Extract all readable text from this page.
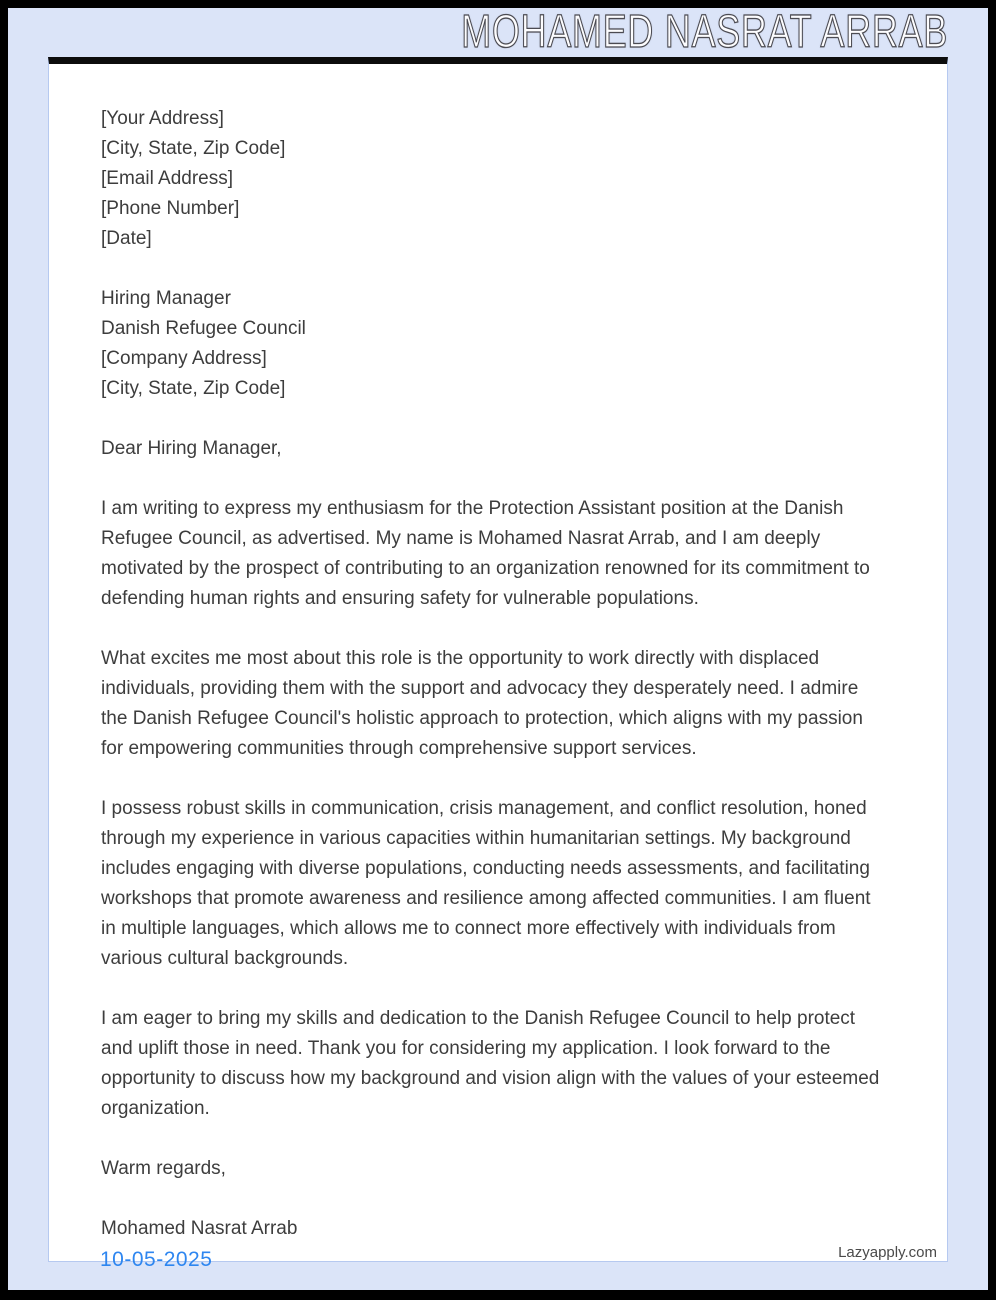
MOHAMED NASRAT ARRAB
[Your Address]
[City, State, Zip Code]
[Email Address]
[Phone Number]
[Date]
Hiring Manager
Danish Refugee Council
[Company Address]
[City, State, Zip Code]
Dear Hiring Manager,

I am writing to express my enthusiasm for the Protection Assistant position at the Danish Refugee Council, as advertised. My name is Mohamed Nasrat Arrab, and I am deeply motivated by the prospect of contributing to an organization renowned for its commitment to defending human rights and ensuring safety for vulnerable populations.

What excites me most about this role is the opportunity to work directly with displaced individuals, providing them with the support and advocacy they desperately need. I admire the Danish Refugee Council's holistic approach to protection, which aligns with my passion for empowering communities through comprehensive support services.

I possess robust skills in communication, crisis management, and conflict resolution, honed through my experience in various capacities within humanitarian settings. My background includes engaging with diverse populations, conducting needs assessments, and facilitating workshops that promote awareness and resilience among affected communities. I am fluent in multiple languages, which allows me to connect more effectively with individuals from various cultural backgrounds.

I am eager to bring my skills and dedication to the Danish Refugee Council to help protect and uplift those in need. Thank you for considering my application. I look forward to the opportunity to discuss how my background and vision align with the values of your esteemed organization.

Warm regards,
Mohamed Nasrat Arrab
Lazyapply.com
10-05-2025
